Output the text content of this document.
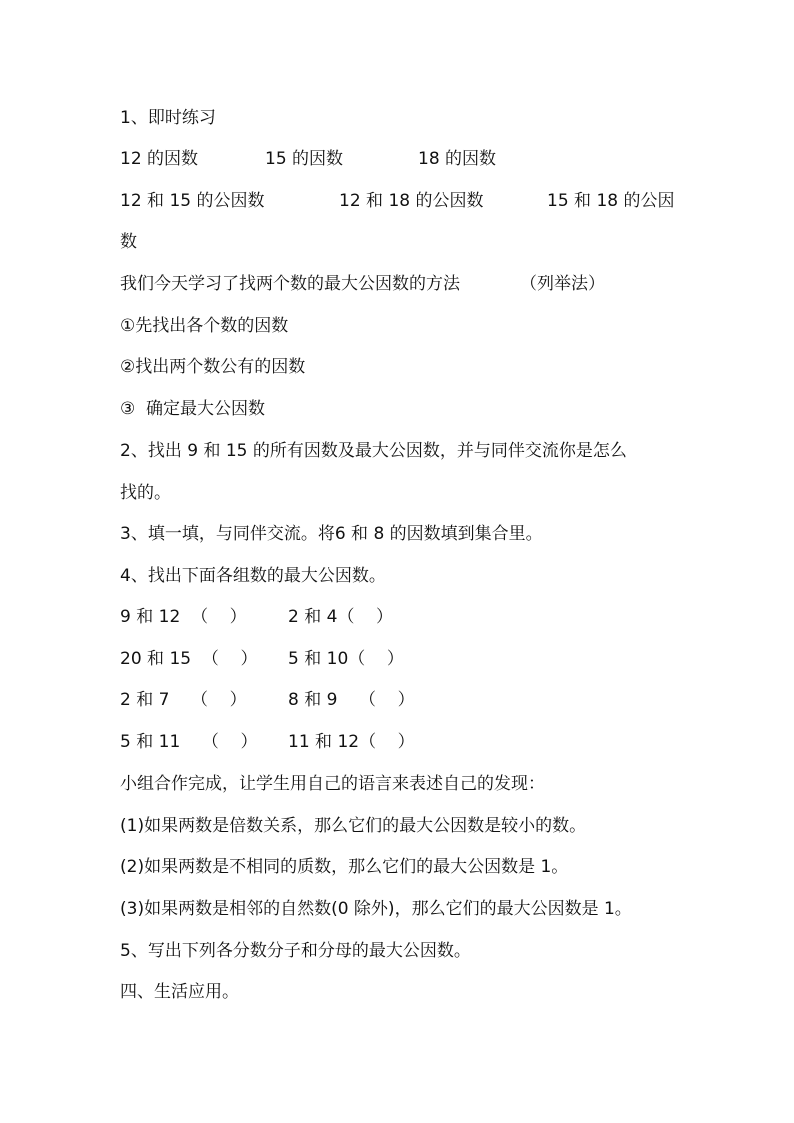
1、即时练习
12 的因数	15 的因数	18 的因数
12 和 15 的公因数	12 和 18 的公因数	15 和 18 的公因
数
我们今天学习了找两个数的最大公因数的方法	（列举法）
①先找出各个数的因数
②找出两个数公有的因数
③  确定最大公因数
2、找出 9 和 15 的所有因数及最大公因数，并与同伴交流你是怎么
找的。
3、填一填，与同伴交流。将6 和 8 的因数填到集合里。
4、找出下面各组数的最大公因数。
9 和 12  （    ） 2 和 4（    ）
20 和 15  （    ） 5 和 10（    ）
2 和 7    （    ） 8 和 9    （    ）
5 和 11    （    ） 11 和 12（    ）
小组合作完成，让学生用自己的语言来表述自己的发现：
(1)如果两数是倍数关系，那么它们的最大公因数是较小的数。
(2)如果两数是不相同的质数，那么它们的最大公因数是 1。
(3)如果两数是相邻的自然数(0 除外)，那么它们的最大公因数是 1。
5、写出下列各分数分子和分母的最大公因数。
四、生活应用。
